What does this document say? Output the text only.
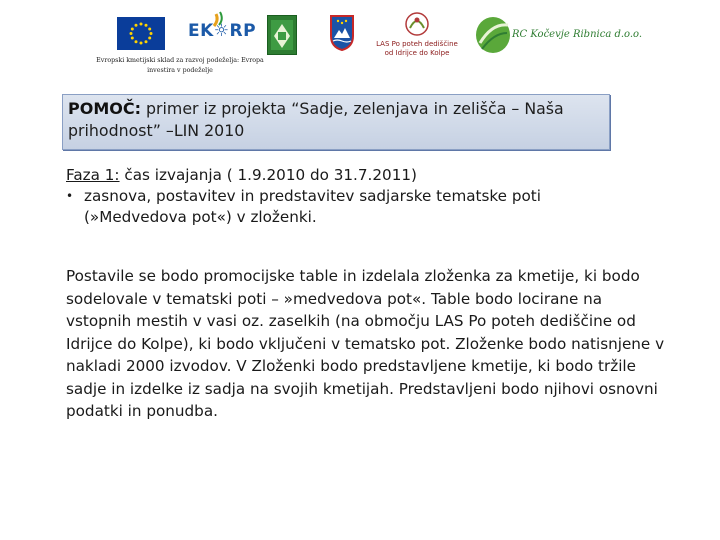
EK☼RP
LAS Po poteh dediščine od Idrijce do Kolpe
RC Kočevje Ribnica d.o.o.
Evropski kmetijski sklad za razvoj podeželja: Evropa investira v podeželje
POMOČ: primer iz projekta “Sadje, zelenjava in zelišča – Naša prihodnost” –LIN 2010
Faza 1: čas izvajanja ( 1.9.2010 do 31.7.2011)
• zasnova, postavitev in predstavitev sadjarske tematske poti (»Medvedova pot«) v zloženki.
Postavile se bodo promocijske table in izdelala zloženka za kmetije, ki bodo sodelovale v tematski poti – »medvedova pot«. Table bodo locirane na vstopnih mestih v vasi oz. zaselkih (na območju LAS Po poteh dediščine od Idrijce do Kolpe), ki bodo vključeni v tematsko pot. Zloženke bodo natisnjene v nakladi 2000 izvodov. V Zloženki bodo predstavljene kmetije, ki bodo tržile sadje in izdelke iz sadja na svojih kmetijah. Predstavljeni bodo njihovi osnovni podatki in ponudba.
